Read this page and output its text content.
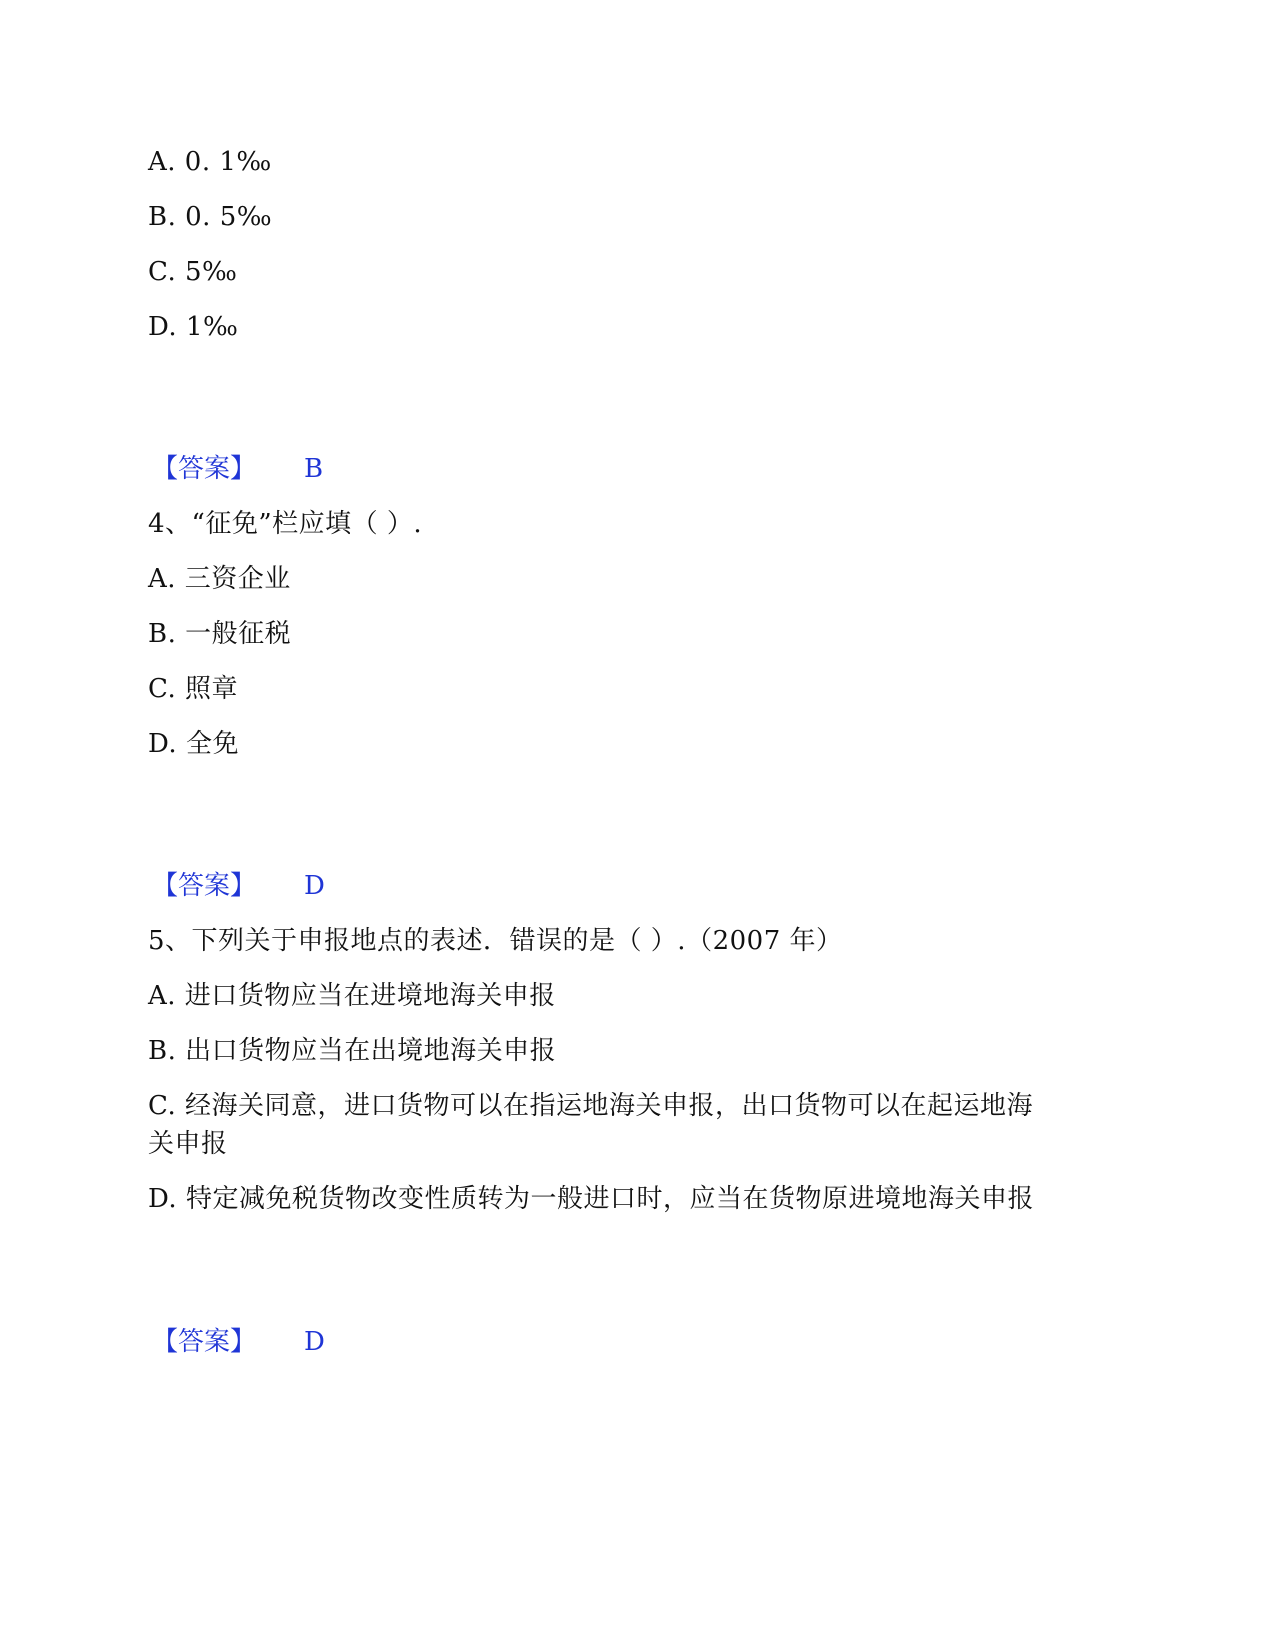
A. 0. 1‰
B. 0. 5‰
C. 5‰
D. 1‰
【答案】 B
4、“征免”栏应填（ ）.
A. 三资企业
B. 一般征税
C. 照章
D. 全免
【答案】 D
5、下列关于申报地点的表述．错误的是（ ）.（2007 年）
A. 进口货物应当在进境地海关申报
B. 出口货物应当在出境地海关申报
C. 经海关同意，进口货物可以在指运地海关申报，出口货物可以在起运地海
关申报
D. 特定减免税货物改变性质转为一般进口时，应当在货物原进境地海关申报
【答案】 D
